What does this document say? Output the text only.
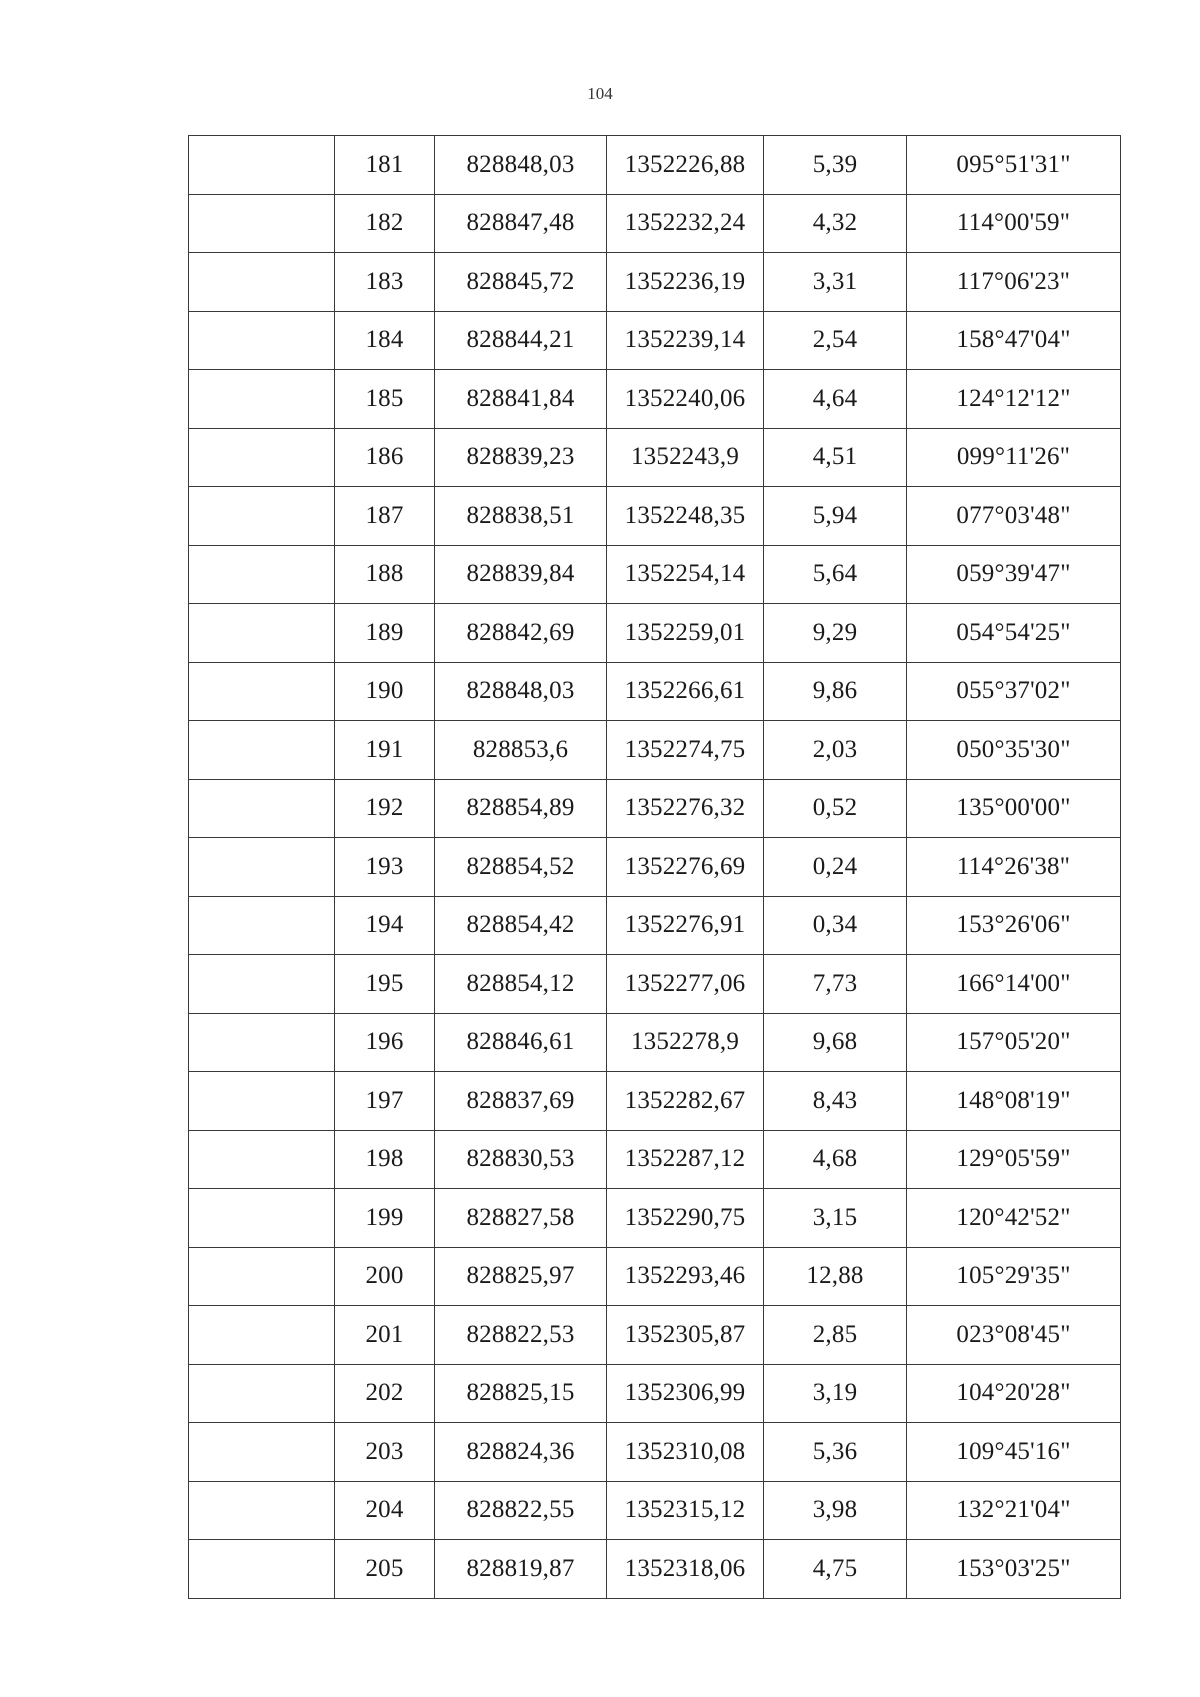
104
	181	828848,03	1352226,88	5,39	095°51'31"
	182	828847,48	1352232,24	4,32	114°00'59"
	183	828845,72	1352236,19	3,31	117°06'23"
	184	828844,21	1352239,14	2,54	158°47'04"
	185	828841,84	1352240,06	4,64	124°12'12"
	186	828839,23	1352243,9	4,51	099°11'26"
	187	828838,51	1352248,35	5,94	077°03'48"
	188	828839,84	1352254,14	5,64	059°39'47"
	189	828842,69	1352259,01	9,29	054°54'25"
	190	828848,03	1352266,61	9,86	055°37'02"
	191	828853,6	1352274,75	2,03	050°35'30"
	192	828854,89	1352276,32	0,52	135°00'00"
	193	828854,52	1352276,69	0,24	114°26'38"
	194	828854,42	1352276,91	0,34	153°26'06"
	195	828854,12	1352277,06	7,73	166°14'00"
	196	828846,61	1352278,9	9,68	157°05'20"
	197	828837,69	1352282,67	8,43	148°08'19"
	198	828830,53	1352287,12	4,68	129°05'59"
	199	828827,58	1352290,75	3,15	120°42'52"
	200	828825,97	1352293,46	12,88	105°29'35"
	201	828822,53	1352305,87	2,85	023°08'45"
	202	828825,15	1352306,99	3,19	104°20'28"
	203	828824,36	1352310,08	5,36	109°45'16"
	204	828822,55	1352315,12	3,98	132°21'04"
	205	828819,87	1352318,06	4,75	153°03'25"
